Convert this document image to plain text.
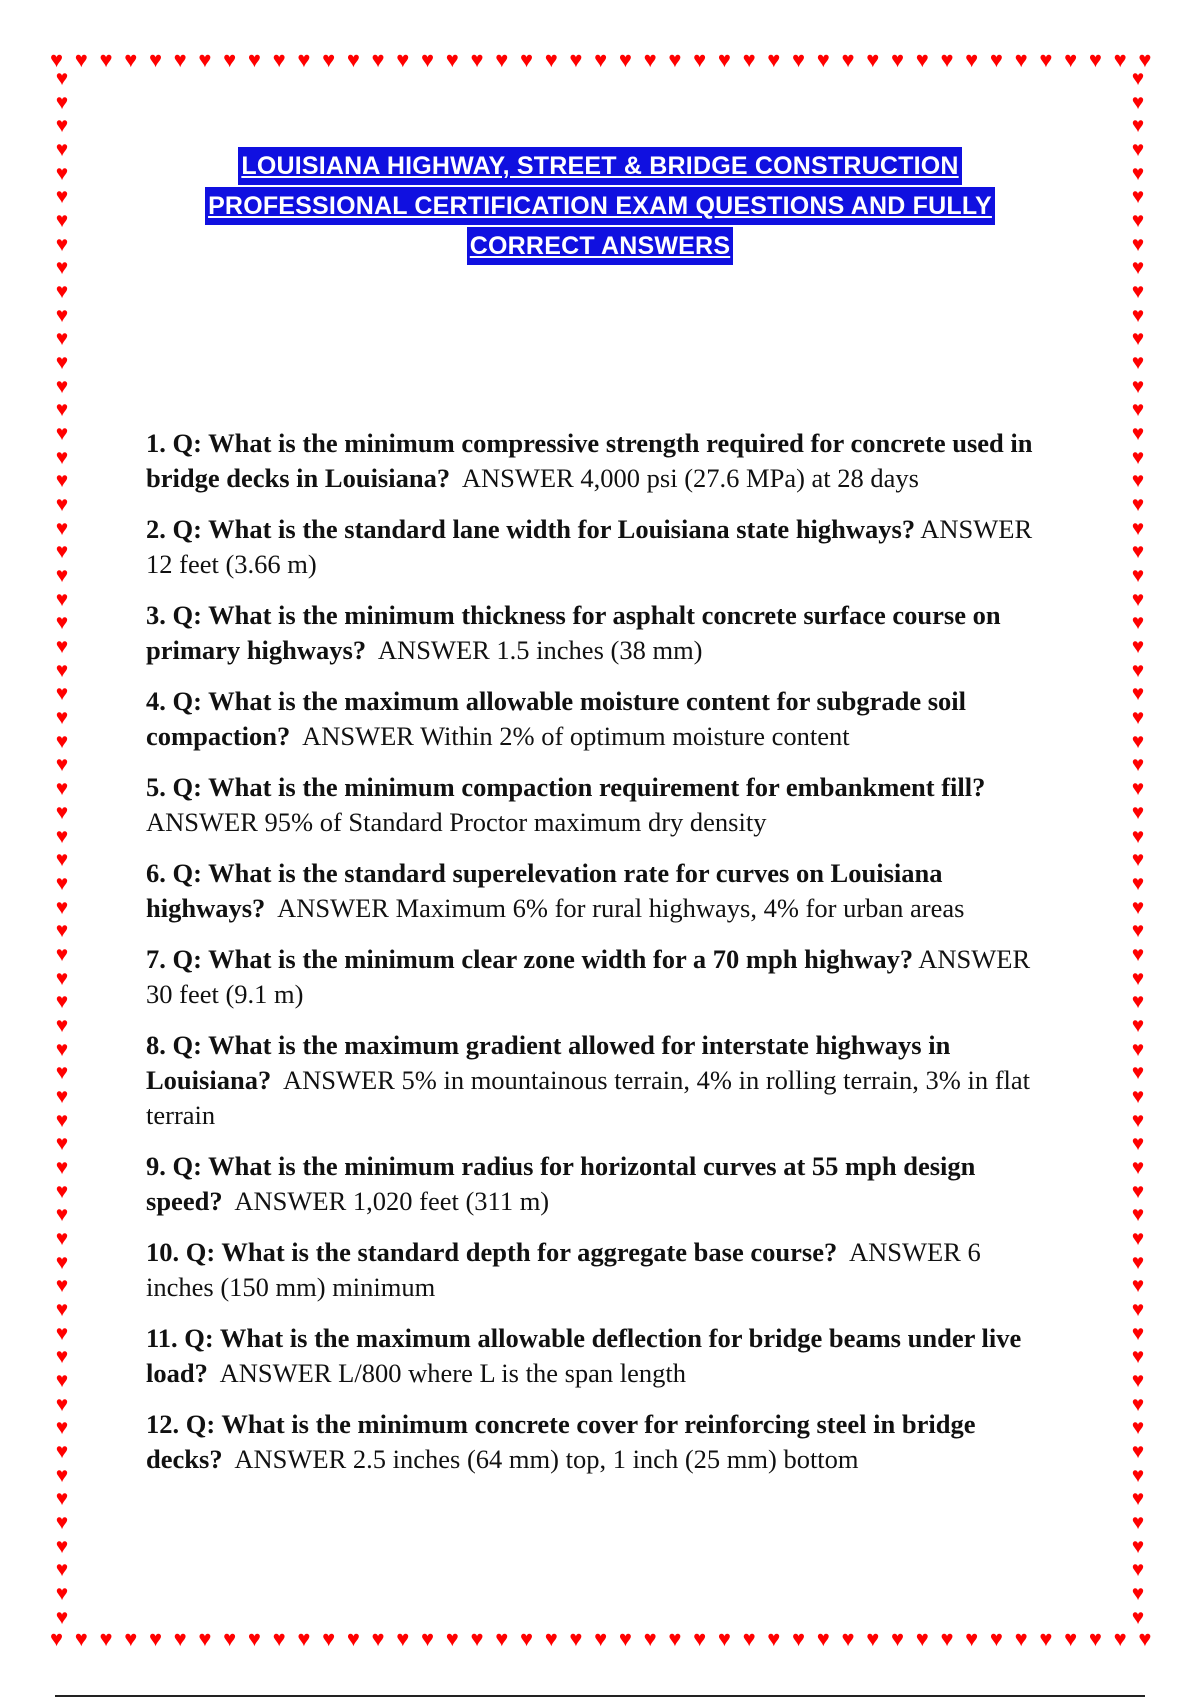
♥ ♥ ♥ ♥ ♥ ♥ ♥ ♥ ♥ ♥ ♥ ♥ ♥ ♥ ♥ ♥ ♥ ♥ ♥ ♥ ♥ ♥ ♥ ♥ ♥ ♥ ♥ ♥ ♥ ♥ ♥ ♥ ♥ ♥ ♥ ♥ ♥ ♥ ♥ ♥ ♥ ♥ ♥ ♥ ♥
♥ ♥ ♥ ♥ ♥ ♥ ♥ ♥ ♥ ♥ ♥ ♥ ♥ ♥ ♥ ♥ ♥ ♥ ♥ ♥ ♥ ♥ ♥ ♥ ♥ ♥ ♥ ♥ ♥ ♥ ♥ ♥ ♥ ♥ ♥ ♥ ♥ ♥ ♥ ♥ ♥ ♥ ♥ ♥ ♥
♥
♥
♥
♥
♥
♥
♥
♥
♥
♥
♥
♥
♥
♥
♥
♥
♥
♥
♥
♥
♥
♥
♥
♥
♥
♥
♥
♥
♥
♥
♥
♥
♥
♥
♥
♥
♥
♥
♥
♥
♥
♥
♥
♥
♥
♥
♥
♥
♥
♥
♥
♥
♥
♥
♥
♥
♥
♥
♥
♥
♥
♥
♥
♥
♥
♥
♥
♥
♥
♥
♥
♥
♥
♥
♥
♥
♥
♥
♥
♥
♥
♥
♥
♥
♥
♥
♥
♥
♥
♥
♥
♥
♥
♥
♥
♥
♥
♥
♥
♥
♥
♥
♥
♥
♥
♥
♥
♥
♥
♥
♥
♥
♥
♥
♥
♥
♥
♥
♥
♥
♥
♥
♥
♥
♥
♥
♥
♥
♥
♥
♥
♥
LOUISIANA HIGHWAY, STREET & BRIDGE CONSTRUCTION
PROFESSIONAL CERTIFICATION EXAM QUESTIONS AND FULLY
CORRECT ANSWERS
1. Q: What is the minimum compressive strength required for concrete used in bridge decks in Louisiana? ANSWER 4,000 psi (27.6 MPa) at 28 days
2. Q: What is the standard lane width for Louisiana state highways? ANSWER 12 feet (3.66 m)
3. Q: What is the minimum thickness for asphalt concrete surface course on primary highways? ANSWER 1.5 inches (38 mm)
4. Q: What is the maximum allowable moisture content for subgrade soil compaction? ANSWER Within 2% of optimum moisture content
5. Q: What is the minimum compaction requirement for embankment fill? ANSWER 95% of Standard Proctor maximum dry density
6. Q: What is the standard superelevation rate for curves on Louisiana highways? ANSWER Maximum 6% for rural highways, 4% for urban areas
7. Q: What is the minimum clear zone width for a 70 mph highway? ANSWER 30 feet (9.1 m)
8. Q: What is the maximum gradient allowed for interstate highways in Louisiana? ANSWER 5% in mountainous terrain, 4% in rolling terrain, 3% in flat terrain
9. Q: What is the minimum radius for horizontal curves at 55 mph design speed? ANSWER 1,020 feet (311 m)
10. Q: What is the standard depth for aggregate base course? ANSWER 6 inches (150 mm) minimum
11. Q: What is the maximum allowable deflection for bridge beams under live load? ANSWER L/800 where L is the span length
12. Q: What is the minimum concrete cover for reinforcing steel in bridge decks? ANSWER 2.5 inches (64 mm) top, 1 inch (25 mm) bottom
